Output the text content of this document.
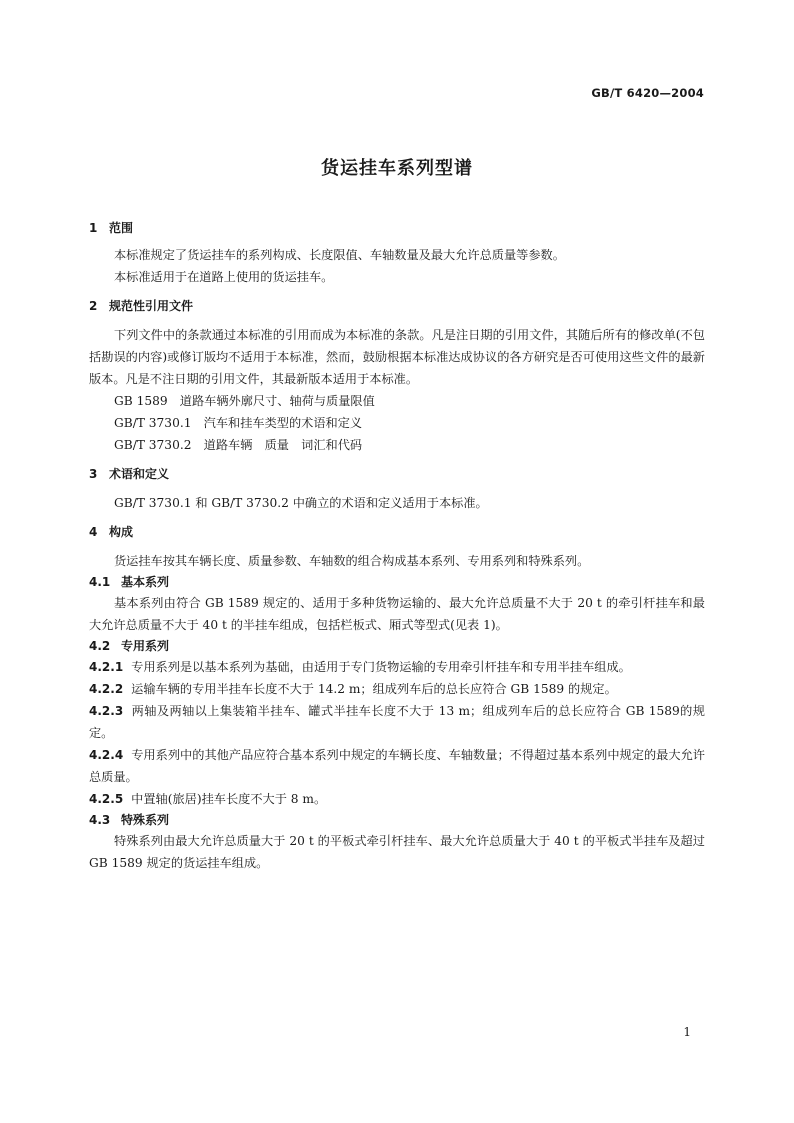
GB/T 6420—2004
货运挂车系列型谱
1 范围

本标准规定了货运挂车的系列构成、长度限值、车轴数量及最大允许总质量等参数。

本标准适用于在道路上使用的货运挂车。

2 规范性引用文件

下列文件中的条款通过本标准的引用而成为本标准的条款。凡是注日期的引用文件，其随后所有的修改单(不包括勘误的内容)或修订版均不适用于本标准，然而，鼓励根据本标准达成协议的各方研究是否可使用这些文件的最新版本。凡是不注日期的引用文件，其最新版本适用于本标准。

GB 1589　道路车辆外廓尺寸、轴荷与质量限值

GB/T 3730.1　汽车和挂车类型的术语和定义

GB/T 3730.2　道路车辆　质量　词汇和代码

3 术语和定义

GB/T 3730.1 和 GB/T 3730.2 中确立的术语和定义适用于本标准。

4 构成

货运挂车按其车辆长度、质量参数、车轴数的组合构成基本系列、专用系列和特殊系列。

4.1 基本系列

基本系列由符合 GB 1589 规定的、适用于多种货物运输的、最大允许总质量不大于 20 t 的牵引杆挂车和最大允许总质量不大于 40 t 的半挂车组成，包括栏板式、厢式等型式(见表 1)。

4.2 专用系列

4.2.1 专用系列是以基本系列为基础，由适用于专门货物运输的专用牵引杆挂车和专用半挂车组成。

4.2.2 运输车辆的专用半挂车长度不大于 14.2 m；组成列车后的总长应符合 GB 1589 的规定。

4.2.3 两轴及两轴以上集装箱半挂车、罐式半挂车长度不大于 13 m；组成列车后的总长应符合 GB 1589的规定。

4.2.4 专用系列中的其他产品应符合基本系列中规定的车辆长度、车轴数量；不得超过基本系列中规定的最大允许总质量。

4.2.5 中置轴(旅居)挂车长度不大于 8 m。

4.3 特殊系列

特殊系列由最大允许总质量大于 20 t 的平板式牵引杆挂车、最大允许总质量大于 40 t 的平板式半挂车及超过 GB 1589 规定的货运挂车组成。

1
